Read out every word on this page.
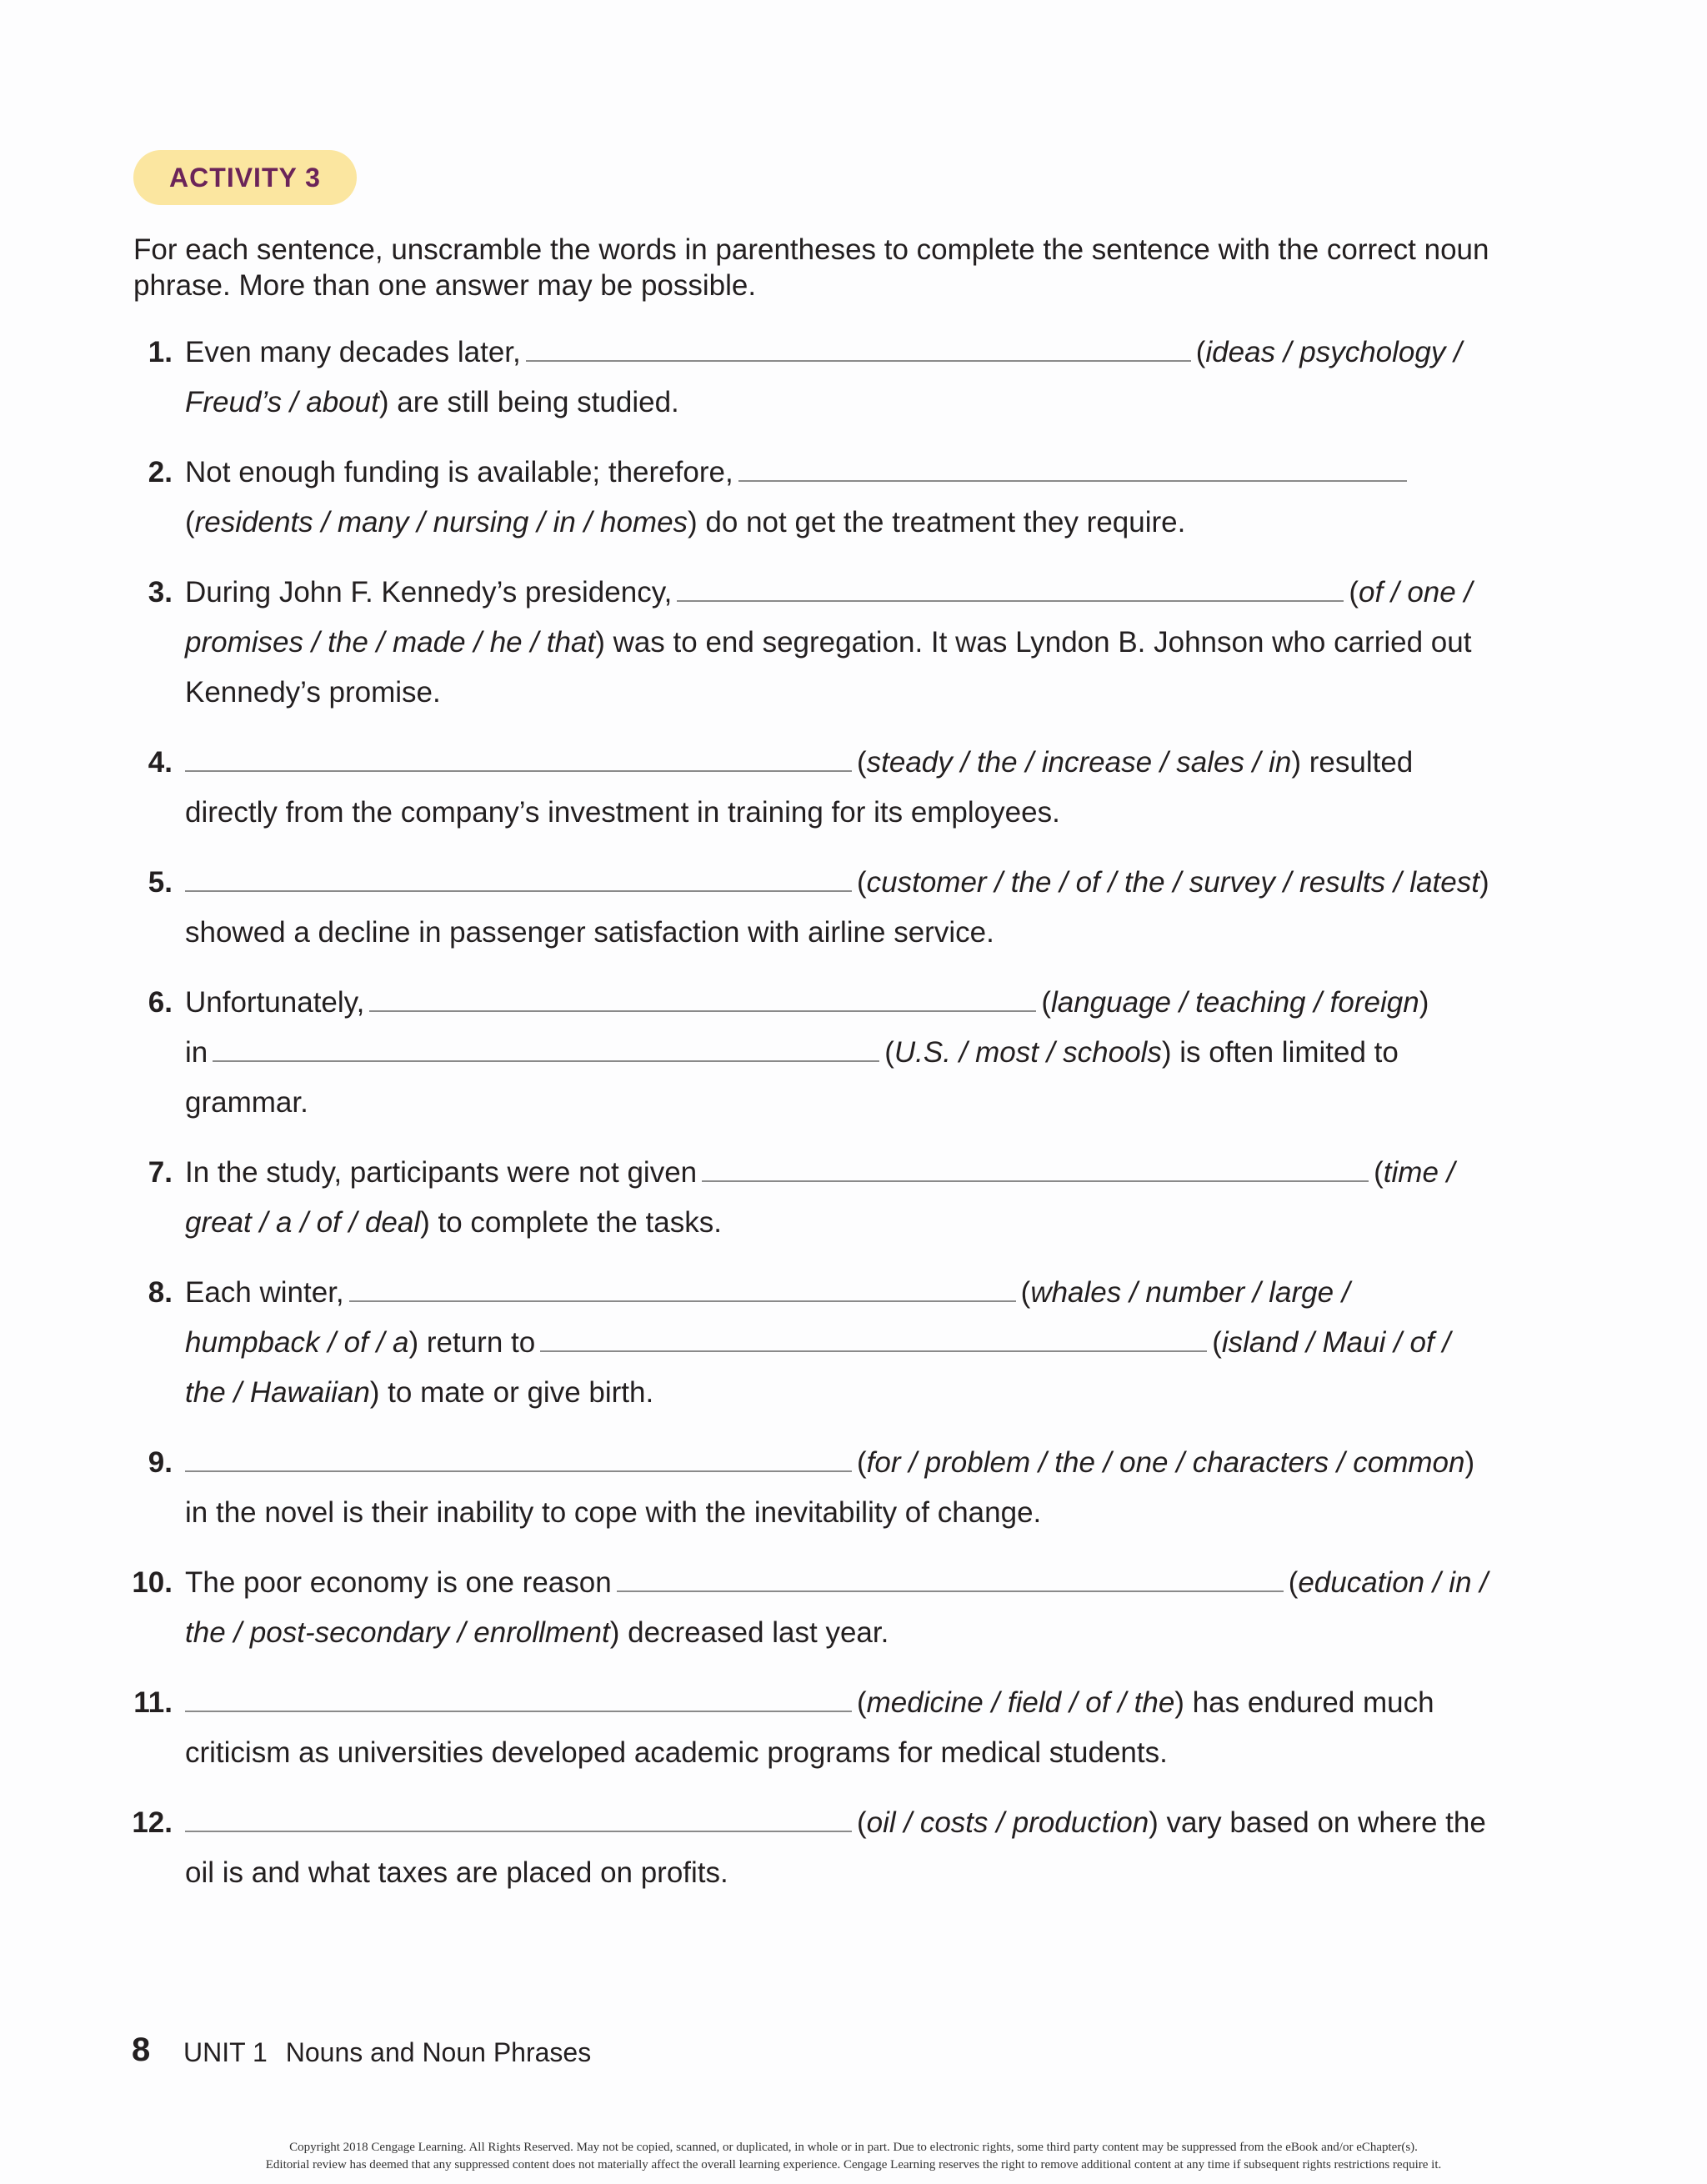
ACTIVITY 3

For each sentence, unscramble the words in parentheses to complete the sentence with the correct noun phrase. More than one answer may be possible.

1. Even many decades later,	(ideas / psychology /
Freud’s / about) are still being studied.
2. Not enough funding is available; therefore,
(residents / many / nursing / in / homes) do not get the treatment they require.
3. During John F. Kennedy’s presidency,	(of / one /
promises / the / made / he / that) was to end segregation. It was Lyndon B. Johnson who carried out
Kennedy’s promise.
4.	(steady / the / increase / sales / in) resulted
directly from the company’s investment in training for its employees.
5.	(customer / the / of / the / survey / results / latest)
showed a decline in passenger satisfaction with airline service.
6. Unfortunately,	(language / teaching / foreign)
in	(U.S. / most / schools) is often limited to
grammar.
7. In the study, participants were not given	(time /
great / a / of / deal) to complete the tasks.
8. Each winter,	(whales / number / large /
humpback / of / a) return to	(island / Maui / of /
the / Hawaiian) to mate or give birth.
9.	(for / problem / the / one / characters / common)
in the novel is their inability to cope with the inevitability of change.
10. The poor economy is one reason	(education / in /
the / post-secondary / enrollment) decreased last year.
11.	(medicine / field / of / the) has endured much
criticism as universities developed academic programs for medical students.
12.	(oil / costs / production) vary based on where the
oil is and what taxes are placed on profits.
8 UNIT 1 Nouns and Noun Phrases
Copyright 2018 Cengage Learning. All Rights Reserved. May not be copied, scanned, or duplicated, in whole or in part. Due to electronic rights, some third party content may be suppressed from the eBook and/or eChapter(s).
Editorial review has deemed that any suppressed content does not materially affect the overall learning experience. Cengage Learning reserves the right to remove additional content at any time if subsequent rights restrictions require it.
